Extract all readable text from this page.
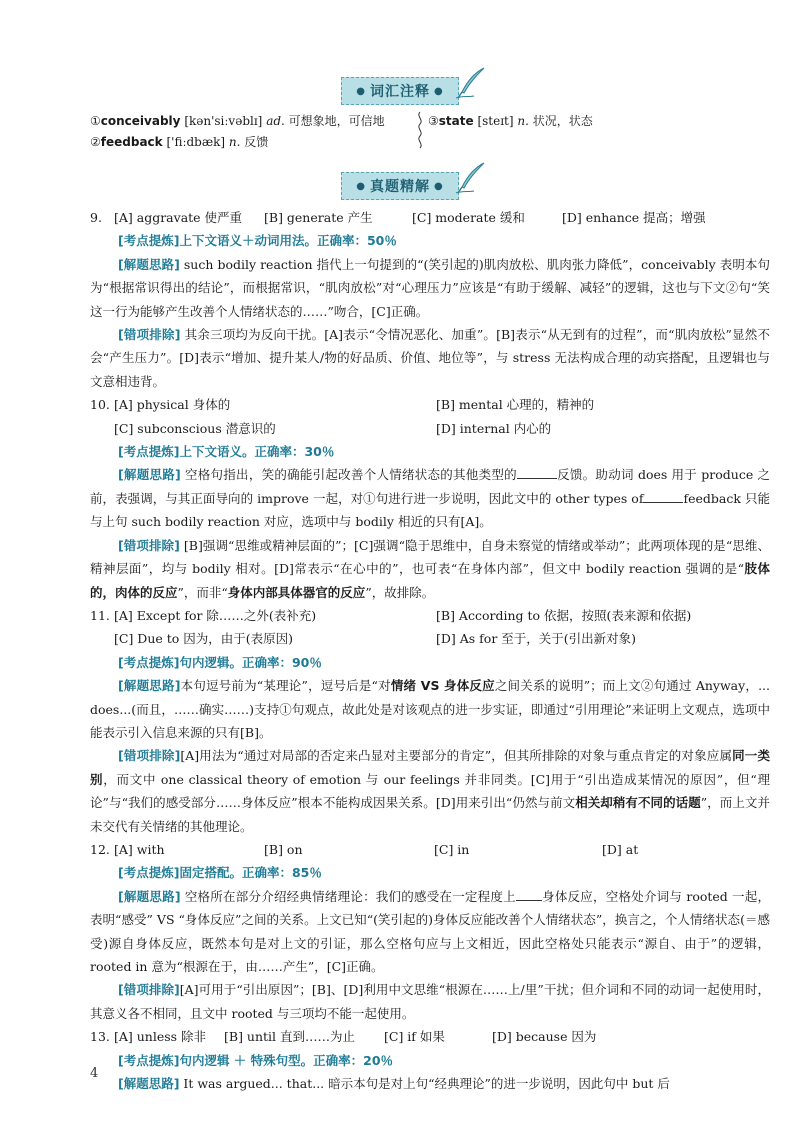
● 词汇注释 ●
①conceivably [kən'siːvəblɪ] ad. 可想象地，可信地
②feedback ['fiːdbæk] n. 反馈
③state [steɪt] n. 状况，状态
● 真题精解 ●
9. [A] aggravate 使严重	[B] generate 产生	[C] moderate 缓和	[D] enhance 提高；增强

[考点提炼]上下文语义＋动词用法。正确率：50％

[解题思路] such bodily reaction 指代上一句提到的“(笑引起的)肌肉放松、肌肉张力降低”，conceivably 表明本句为“根据常识得出的结论”，而根据常识，“肌肉放松”对“心理压力”应该是“有助于缓解、减轻”的逻辑，这也与下文②句“笑这一行为能够产生改善个人情绪状态的……”吻合，[C]正确。

[错项排除] 其余三项均为反向干扰。[A]表示“令情况恶化、加重”。[B]表示“从无到有的过程”，而“肌肉放松”显然不会“产生压力”。[D]表示“增加、提升某人/物的好品质、价值、地位等”，与 stress 无法构成合理的动宾搭配，且逻辑也与文意相违背。

10. [A] physical 身体的	[B] mental 心理的，精神的
[C] subconscious 潜意识的	[D] internal 内心的

[考点提炼]上下文语义。正确率：30％

[解题思路] 空格句指出，笑的确能引起改善个人情绪状态的其他类型的	反馈。助动词 does 用于 produce 之前，表强调，与其正面导向的 improve 一起，对①句进行进一步说明，因此文中的 other types of	feedback 只能与上句 such bodily reaction 对应，选项中与 bodily 相近的只有[A]。

[错项排除] [B]强调“思维或精神层面的”；[C]强调“隐于思维中，自身未察觉的情绪或举动”；此两项体现的是“思维、精神层面”，均与 bodily 相对。[D]常表示“在心中的”，也可表“在身体内部”，但文中 bodily reaction 强调的是“肢体的，肉体的反应”，而非“身体内部具体器官的反应”，故排除。

11. [A] Except for 除……之外(表补充)	[B] According to 依据，按照(表来源和依据)
[C] Due to 因为，由于(表原因)	[D] As for 至于，关于(引出新对象)

[考点提炼]句内逻辑。正确率：90％

[解题思路]本句逗号前为“某理论”，逗号后是“对情绪 VS 身体反应之间关系的说明”；而上文②句通过 Anyway，... does...(而且，……确实……)支持①句观点，故此处是对该观点的进一步实证，即通过“引用理论”来证明上文观点，选项中能表示引入信息来源的只有[B]。

[错项排除][A]用法为“通过对局部的否定来凸显对主要部分的肯定”，但其所排除的对象与重点肯定的对象应属同一类别，而文中 one classical theory of emotion 与 our feelings 并非同类。[C]用于“引出造成某情况的原因”，但“理论”与“我们的感受部分……身体反应”根本不能构成因果关系。[D]用来引出“仍然与前文相关却稍有不同的话题”，而上文并未交代有关情绪的其他理论。

12. [A] with	[B] on	[C] in	[D] at

[考点提炼]固定搭配。正确率：85％

[解题思路] 空格所在部分介绍经典情绪理论：我们的感受在一定程度上 身体反应，空格处介词与 rooted 一起，表明“感受” VS “身体反应”之间的关系。上文已知“(笑引起的)身体反应能改善个人情绪状态”，换言之，个人情绪状态(＝感受)源自身体反应，既然本句是对上文的引证，那么空格句应与上文相近，因此空格处只能表示“源自、由于”的逻辑，rooted in 意为“根源在于，由……产生”，[C]正确。

[错项排除][A]可用于“引出原因”；[B]、[D]利用中文思维“根源在……上/里”干扰；但介词和不同的动词一起使用时，其意义各不相同，且文中 rooted 与三项均不能一起使用。

13. [A] unless 除非	[B] until 直到……为止	[C] if 如果	[D] because 因为

[考点提炼]句内逻辑 ＋ 特殊句型。正确率：20％

[解题思路] It was argued... that... 暗示本句是对上句“经典理论”的进一步说明，因此句中 but 后

4
